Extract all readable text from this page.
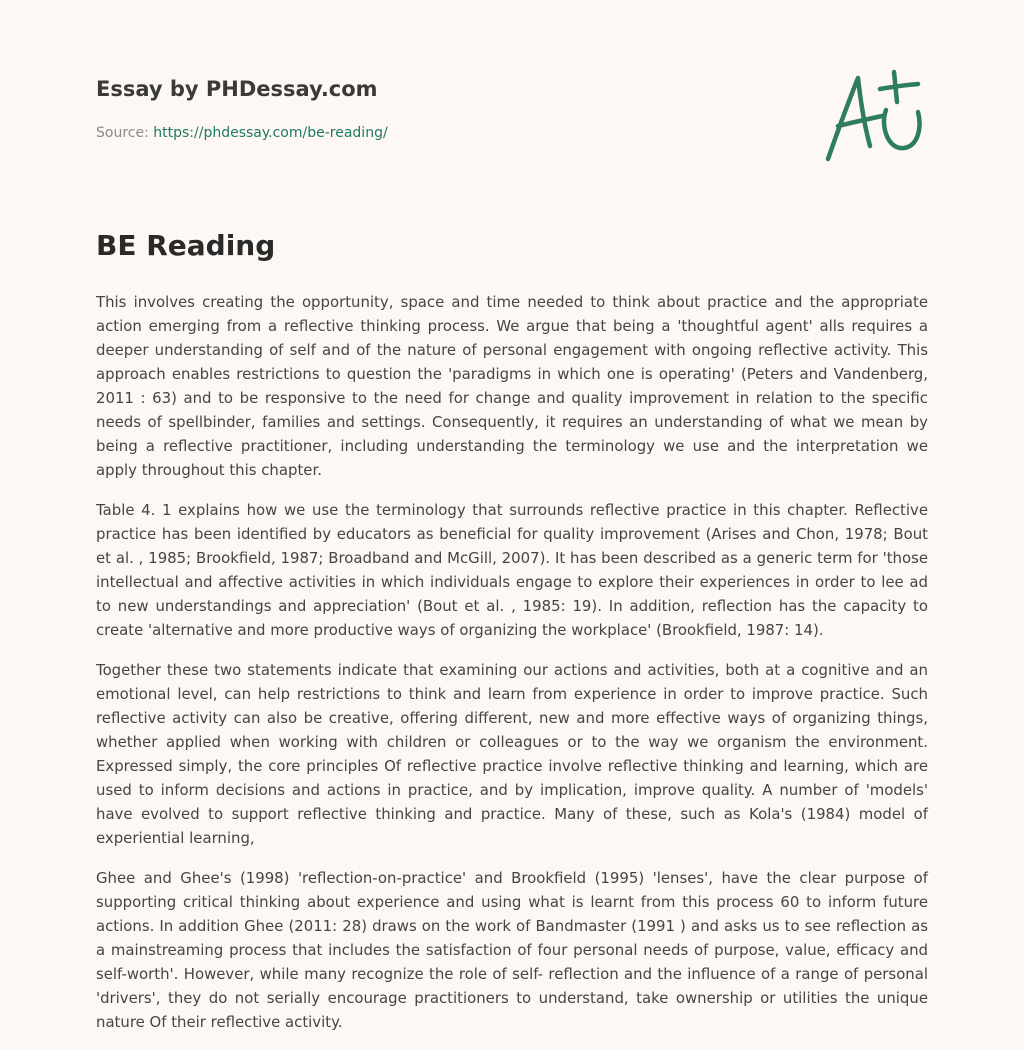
Essay by PHDessay.com
Source: https://phdessay.com/be-reading/
BE Reading

This involves creating the opportunity, space and time needed to think about practice and the appropriate action emerging from a reflective thinking process. We argue that being a 'thoughtful agent' alls requires a deeper understanding of self and of the nature of personal engagement with ongoing reflective activity. This approach enables restrictions to question the 'paradigms in which one is operating' (Peters and Vandenberg, 2011 : 63) and to be responsive to the need for change and quality improvement in relation to the specific needs of spellbinder, families and settings. Consequently, it requires an understanding of what we mean by being a reflective practitioner, including understanding the terminology we use and the interpretation we apply throughout this chapter.

Table 4. 1 explains how we use the terminology that surrounds reflective practice in this chapter. Reflective practice has been identified by educators as beneficial for quality improvement (Arises and Chon, 1978; Bout et al. , 1985; Brookfield, 1987; Broadband and McGill, 2007). It has been described as a generic term for 'those intellectual and affective activities in which individuals engage to explore their experiences in order to lee ad to new understandings and appreciation' (Bout et al. , 1985: 19). In addition, reflection has the capacity to create 'alternative and more productive ways of organizing the workplace' (Brookfield, 1987: 14).

Together these two statements indicate that examining our actions and activities, both at a cognitive and an emotional level, can help restrictions to think and learn from experience in order to improve practice. Such reflective activity can also be creative, offering different, new and more effective ways of organizing things, whether applied when working with children or colleagues or to the way we organism the environment. Expressed simply, the core principles Of reflective practice involve reflective thinking and learning, which are used to inform decisions and actions in practice, and by implication, improve quality. A number of 'models' have evolved to support reflective thinking and practice. Many of these, such as Kola's (1984) model of experiential learning,

Ghee and Ghee's (1998) 'reflection-on-practice' and Brookfield (1995) 'lenses', have the clear purpose of supporting critical thinking about experience and using what is learnt from this process 60 to inform future actions. In addition Ghee (2011: 28) draws on the work of Bandmaster (1991 ) and asks us to see reflection as a mainstreaming process that includes the satisfaction of four personal needs of purpose, value, efficacy and self-worth'. However, while many recognize the role of self- reflection and the influence of a range of personal 'drivers', they do not serially encourage practitioners to understand, take ownership or utilities the unique nature Of their reflective activity.
